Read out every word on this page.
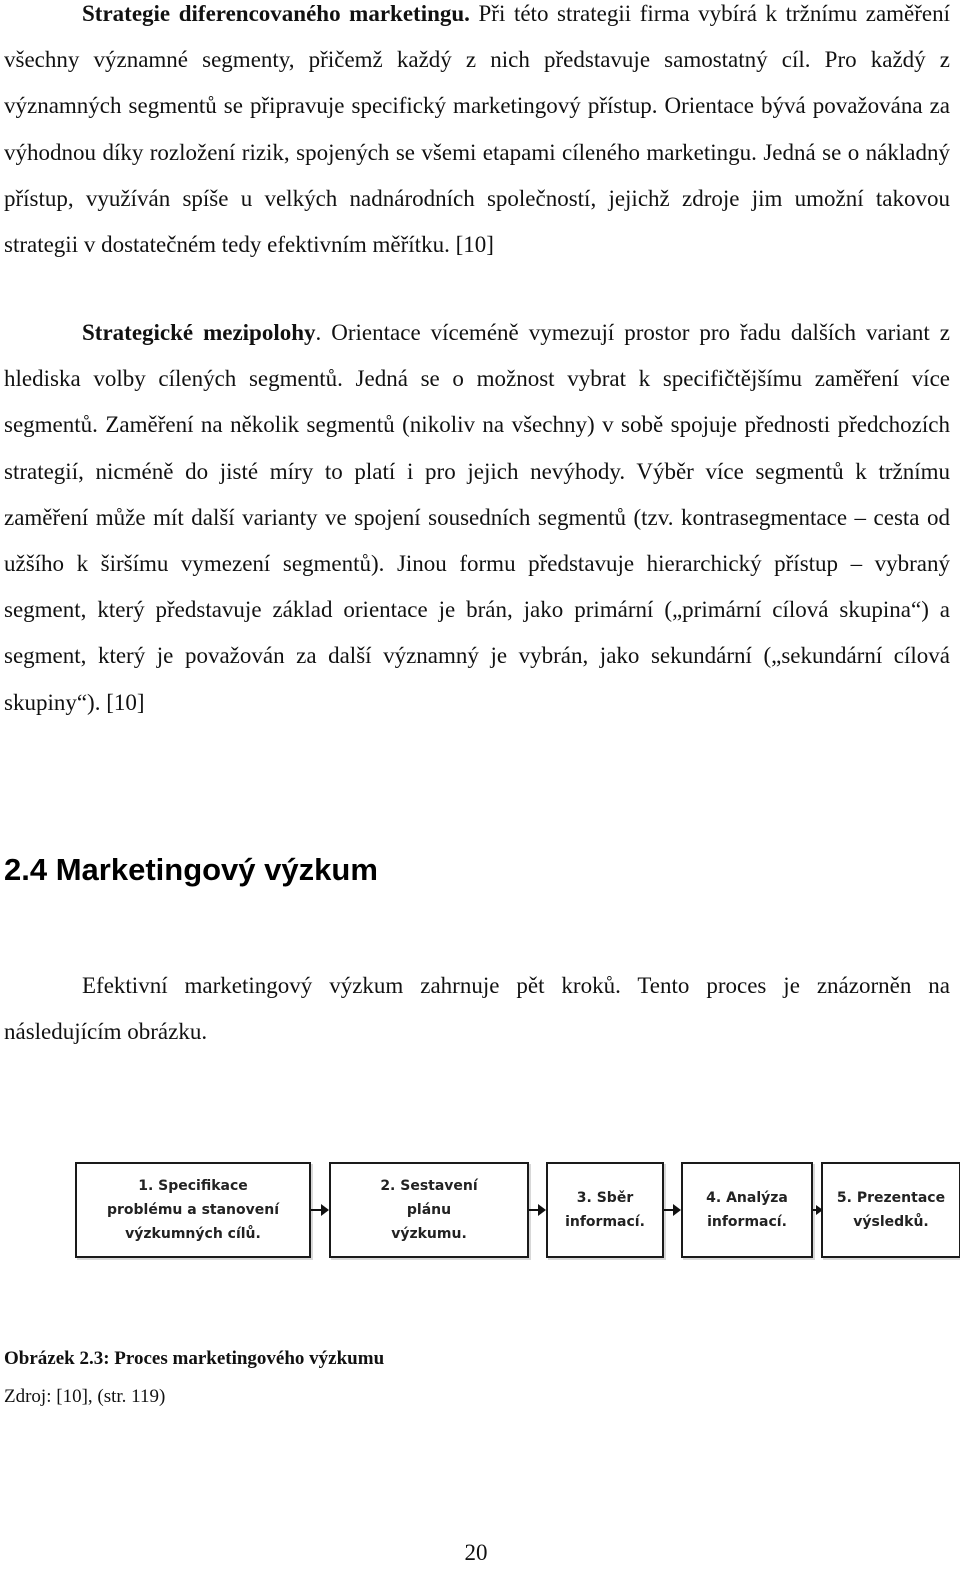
Strategie diferencovaného marketingu. Při této strategii firma vybírá k tržnímu zaměření všechny významné segmenty, přičemž každý z nich představuje samostatný cíl. Pro každý z významných segmentů se připravuje specifický marketingový přístup. Orientace bývá považována za výhodnou díky rozložení rizik, spojených se všemi etapami cíleného marketingu. Jedná se o nákladný přístup, využíván spíše u velkých nadnárodních společností, jejichž zdroje jim umožní takovou strategii v dostatečném tedy efektivním měřítku. [10]

Strategické mezipolohy. Orientace víceméně vymezují prostor pro řadu dalších variant z hlediska volby cílených segmentů. Jedná se o možnost vybrat k specifičtějšímu zaměření více segmentů. Zaměření na několik segmentů (nikoliv na všechny) v sobě spojuje přednosti předchozích strategií, nicméně do jisté míry to platí i pro jejich nevýhody. Výběr více segmentů k tržnímu zaměření může mít další varianty ve spojení sousedních segmentů (tzv. kontrasegmentace – cesta od užšího k širšímu vymezení segmentů). Jinou formu představuje hierarchický přístup – vybraný segment, který představuje základ orientace je brán, jako primární („primární cílová skupina“) a segment, který je považován za další významný je vybrán, jako sekundární („sekundární cílová skupiny“). [10]

2.4 Marketingový výzkum

Efektivní marketingový výzkum zahrnuje pět kroků. Tento proces je znázorněn na následujícím obrázku.

1. Specifikace
problému a stanovení
výzkumných cílů.
2. Sestavení
plánu
výzkumu.
3. Sběr
informací.
4. Analýza
informací.
5. Prezentace
výsledků.

Obrázek 2.3: Proces marketingového výzkumu

Zdroj: [10], (str. 119)

20
